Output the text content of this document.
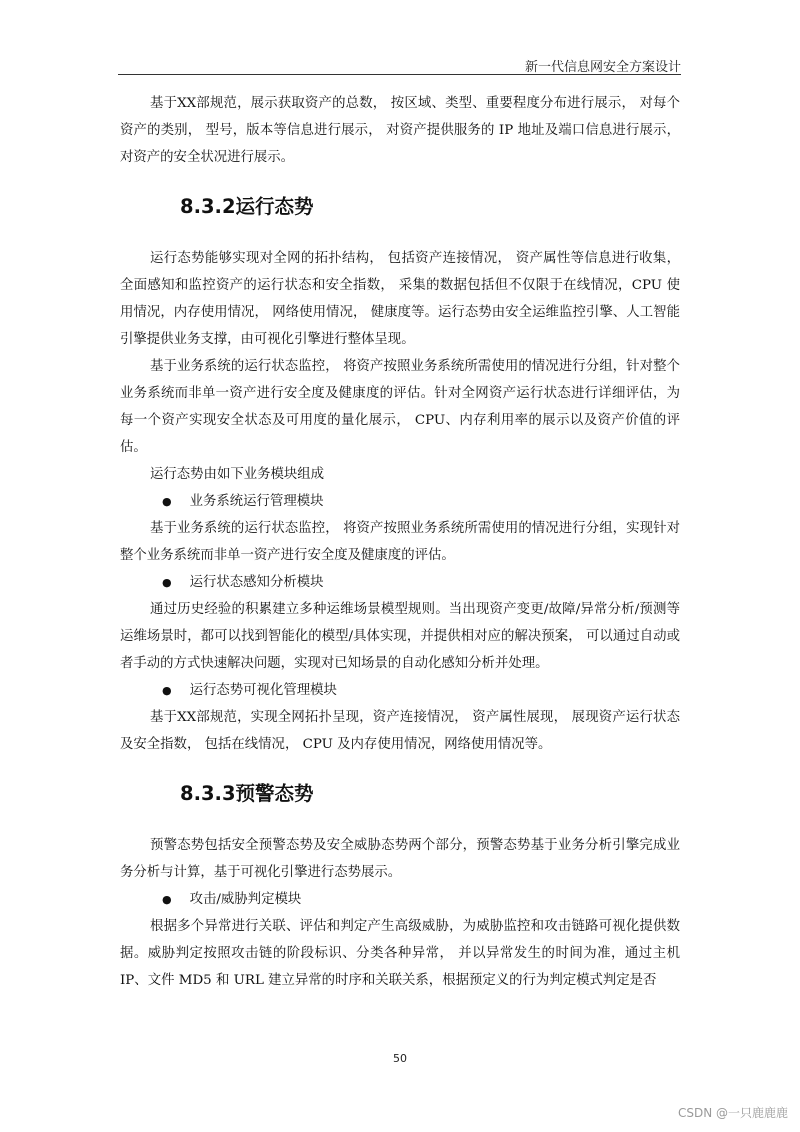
新一代信息网安全方案设计

基于XX部规范，展示获取资产的总数， 按区域、类型、重要程度分布进行展示， 对每个资产的类别， 型号，版本等信息进行展示， 对资产提供服务的 IP 地址及端口信息进行展示，对资产的安全状况进行展示。

8.3.2运行态势

运行态势能够实现对全网的拓扑结构， 包括资产连接情况， 资产属性等信息进行收集，全面感知和监控资产的运行状态和安全指数， 采集的数据包括但不仅限于在线情况，CPU 使用情况，内存使用情况， 网络使用情况， 健康度等。运行态势由安全运维监控引擎、人工智能引擎提供业务支撑，由可视化引擎进行整体呈现。

基于业务系统的运行状态监控， 将资产按照业务系统所需使用的情况进行分组，针对整个业务系统而非单一资产进行安全度及健康度的评估。针对全网资产运行状态进行详细评估，为每一个资产实现安全状态及可用度的量化展示， CPU、内存利用率的展示以及资产价值的评估。

运行态势由如下业务模块组成

● 业务系统运行管理模块

基于业务系统的运行状态监控， 将资产按照业务系统所需使用的情况进行分组，实现针对整个业务系统而非单一资产进行安全度及健康度的评估。

● 运行状态感知分析模块

通过历史经验的积累建立多种运维场景模型规则。当出现资产变更/故障/异常分析/预测等运维场景时，都可以找到智能化的模型/具体实现，并提供相对应的解决预案， 可以通过自动或者手动的方式快速解决问题，实现对已知场景的自动化感知分析并处理。

● 运行态势可视化管理模块

基于XX部规范，实现全网拓扑呈现，资产连接情况， 资产属性展现， 展现资产运行状态及安全指数， 包括在线情况， CPU 及内存使用情况，网络使用情况等。

8.3.3预警态势

预警态势包括安全预警态势及安全威胁态势两个部分，预警态势基于业务分析引擎完成业务分析与计算，基于可视化引擎进行态势展示。

● 攻击/威胁判定模块

根据多个异常进行关联、评估和判定产生高级威胁，为威胁监控和攻击链路可视化提供数据。威胁判定按照攻击链的阶段标识、分类各种异常， 并以异常发生的时间为准，通过主机 IP、文件 MD5 和 URL 建立异常的时序和关联关系，根据预定义的行为判定模式判定是否

50
CSDN @一只鹿鹿鹿
